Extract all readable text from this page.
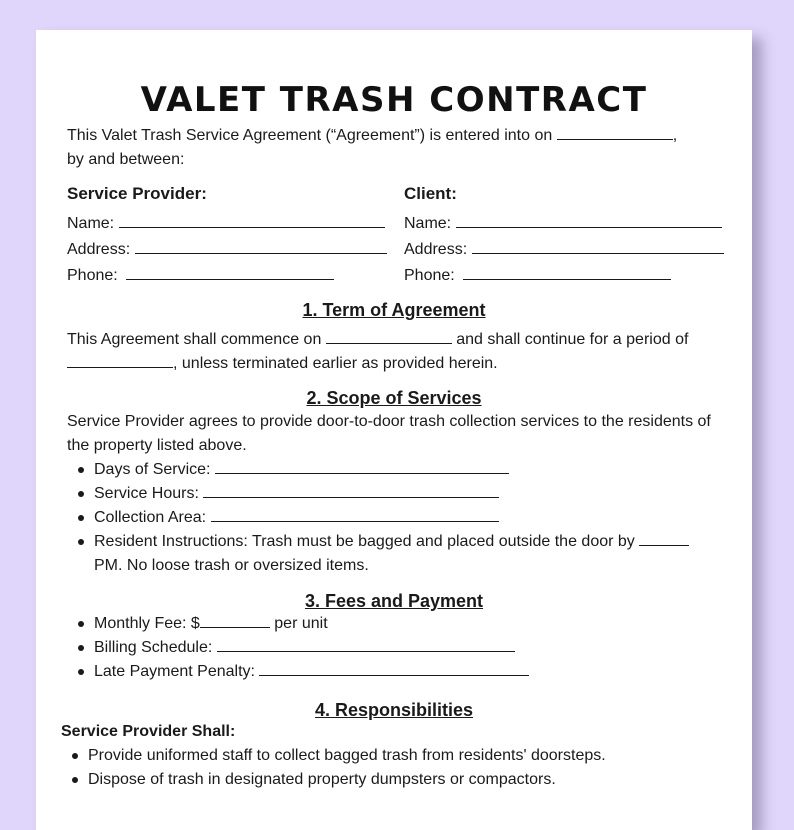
VALET TRASH CONTRACT

This Valet Trash Service Agreement (“Agreement”) is entered into on	,
by and between:

Service Provider:
Name:
Address:
Phone:
Client:
Name:
Address:
Phone:
1. Term of Agreement

This Agreement shall commence on	and shall continue for a period of
, unless terminated earlier as provided herein.

2. Scope of Services

Service Provider agrees to provide door-to-door trash collection services to the residents of the property listed above.

Days of Service:
Service Hours:
Collection Area:
Resident Instructions: Trash must be bagged and placed outside the door by
PM. No loose trash or oversized items.
3. Fees and Payment
Monthly Fee: $	per unit
Billing Schedule:
Late Payment Penalty:
4. Responsibilities
Service Provider Shall:
Provide uniformed staff to collect bagged trash from residents' doorsteps.
Dispose of trash in designated property dumpsters or compactors.
